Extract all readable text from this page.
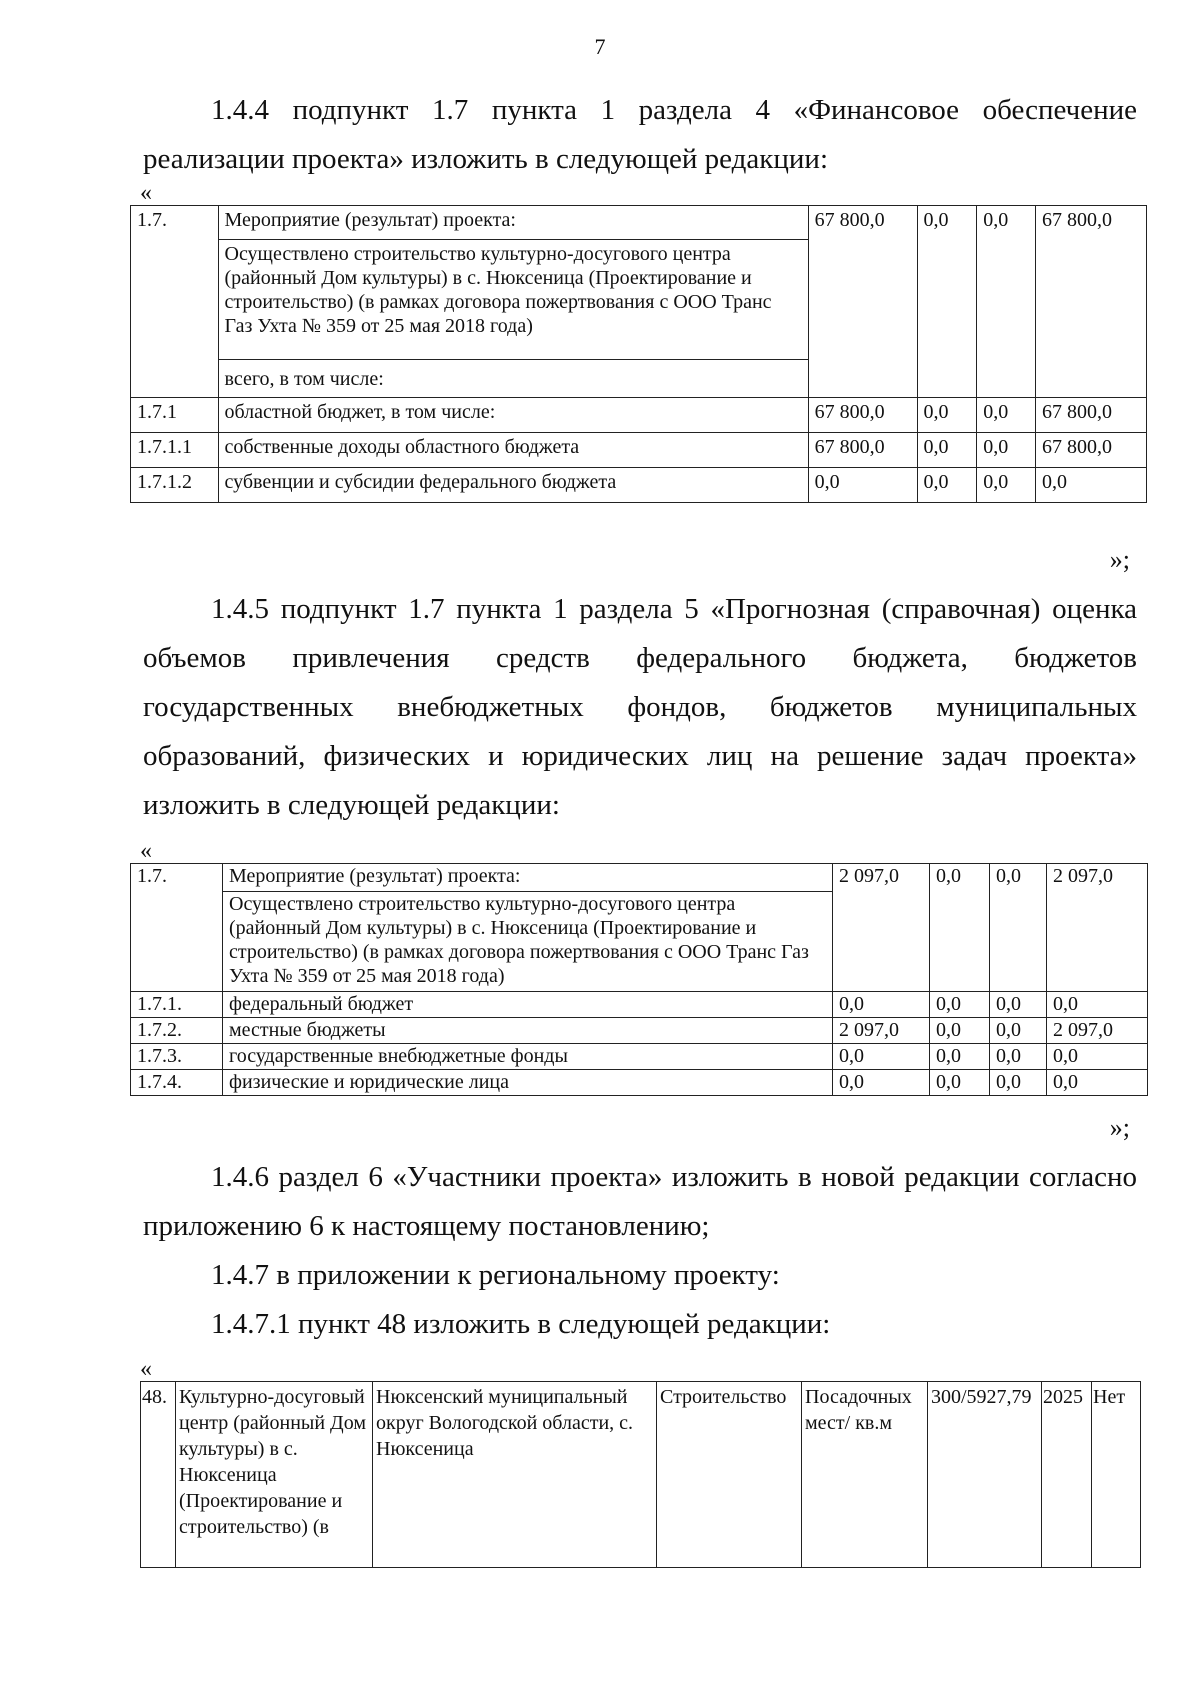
7
1.4.4 подпункт 1.7 пункта 1 раздела 4 «Финансовое обеспечение реализации проекта» изложить в следующей редакции:
«
1.7.	Мероприятие (результат) проекта:	67 800,0	0,0	0,0	67 800,0
	Осуществлено строительство культурно-досугового центра (районный Дом культуры) в с. Нюксеница (Проектирование и строительство) (в рамках договора пожертвования с ООО Транс Газ Ухта № 359 от 25 мая 2018 года)				
	всего, в том числе:				
1.7.1	областной бюджет, в том числе:	67 800,0	0,0	0,0	67 800,0
1.7.1.1	собственные доходы областного бюджета	67 800,0	0,0	0,0	67 800,0
1.7.1.2	субвенции и субсидии федерального бюджета	0,0	0,0	0,0	0,0
»;
1.4.5 подпункт 1.7 пункта 1 раздела 5 «Прогнозная (справочная) оценка объемов привлечения средств федерального бюджета, бюджетов государственных внебюджетных фондов, бюджетов муниципальных образований, физических и юридических лиц на решение задач проекта» изложить в следующей редакции:
«
1.7.	Мероприятие (результат) проекта:	2 097,0	0,0	0,0	2 097,0
	Осуществлено строительство культурно-досугового центра (районный Дом культуры) в с. Нюксеница (Проектирование и строительство) (в рамках договора пожертвования с ООО Транс Газ Ухта № 359 от 25 мая 2018 года)				
1.7.1.	федеральный бюджет	0,0	0,0	0,0	0,0
1.7.2.	местные бюджеты	2 097,0	0,0	0,0	2 097,0
1.7.3.	государственные внебюджетные фонды	0,0	0,0	0,0	0,0
1.7.4.	физические и юридические лица	0,0	0,0	0,0	0,0
»;
1.4.6 раздел 6 «Участники проекта» изложить в новой редакции согласно приложению 6 к настоящему постановлению;
1.4.7 в приложении к региональному проекту:
1.4.7.1 пункт 48 изложить в следующей редакции:
«
48.	Культурно-досуговый центр (районный Дом культуры) в с. Нюксеница (Проектирование и строительство) (в	Нюксенский муниципальный округ Вологодской области, с. Нюксеница	Строительство	Посадочных мест/ кв.м	300/5927,79	2025	Нет
